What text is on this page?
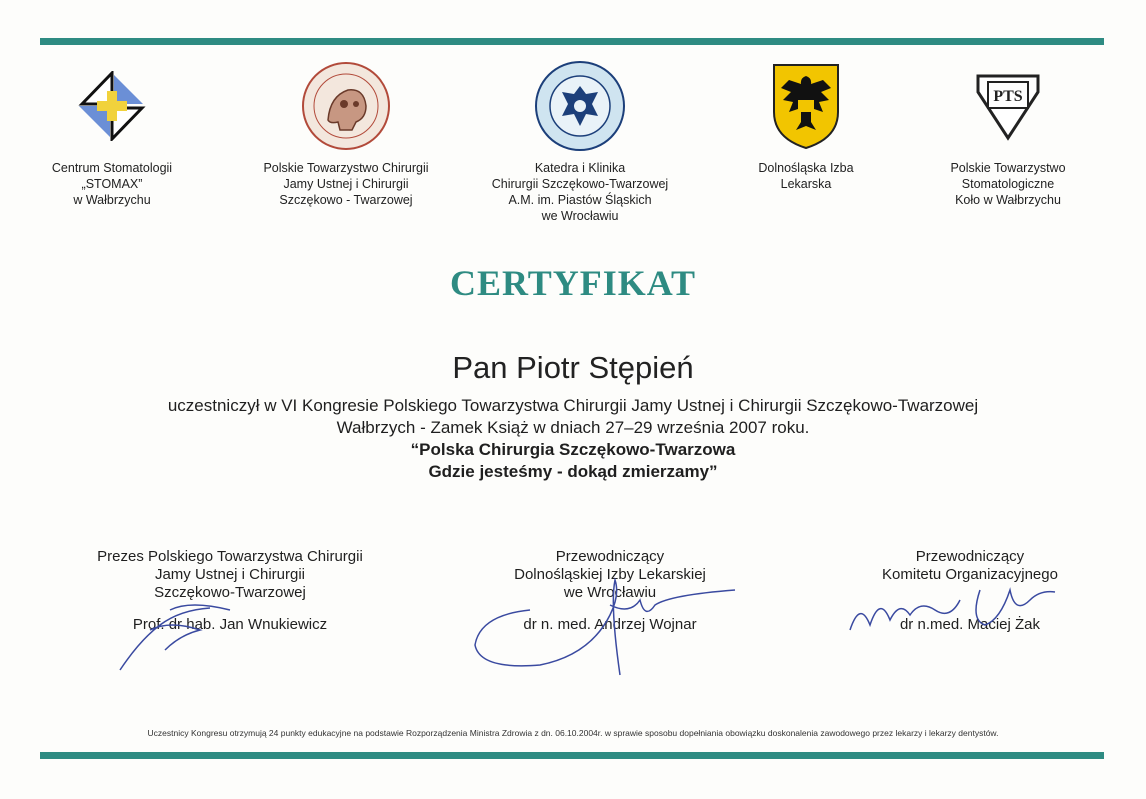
Centrum Stomatologii
„STOMAX”
w Wałbrzychu
Polskie Towarzystwo Chirurgii
Jamy Ustnej i Chirurgii
Szczękowo - Twarzowej
Katedra i Klinika
Chirurgii Szczękowo-Twarzowej
A.M. im. Piastów Śląskich
we Wrocławiu
Dolnośląska Izba
Lekarska
PTS
Polskie Towarzystwo
Stomatologiczne
Koło w Wałbrzychu
CERTYFIKAT
Pan Piotr Stępień
uczestniczył w VI Kongresie Polskiego Towarzystwa Chirurgii Jamy Ustnej i Chirurgii Szczękowo-Twarzowej
Wałbrzych - Zamek Książ w dniach 27–29 września 2007 roku.
“Polska Chirurgia Szczękowo-Twarzowa
Gdzie jesteśmy - dokąd zmierzamy”
Prezes Polskiego Towarzystwa Chirurgii
Jamy Ustnej i Chirurgii
Szczękowo-Twarzowej
Prof. dr hab. Jan Wnukiewicz
Przewodniczący
Dolnośląskiej Izby Lekarskiej
we Wrocławiu
dr n. med. Andrzej Wojnar
Przewodniczący
Komitetu Organizacyjnego
dr n.med. Maciej Żak
Uczestnicy Kongresu otrzymują 24 punkty edukacyjne na podstawie Rozporządzenia Ministra Zdrowia z dn. 06.10.2004r. w sprawie sposobu dopełniania obowiązku doskonalenia zawodowego przez lekarzy i lekarzy dentystów.
